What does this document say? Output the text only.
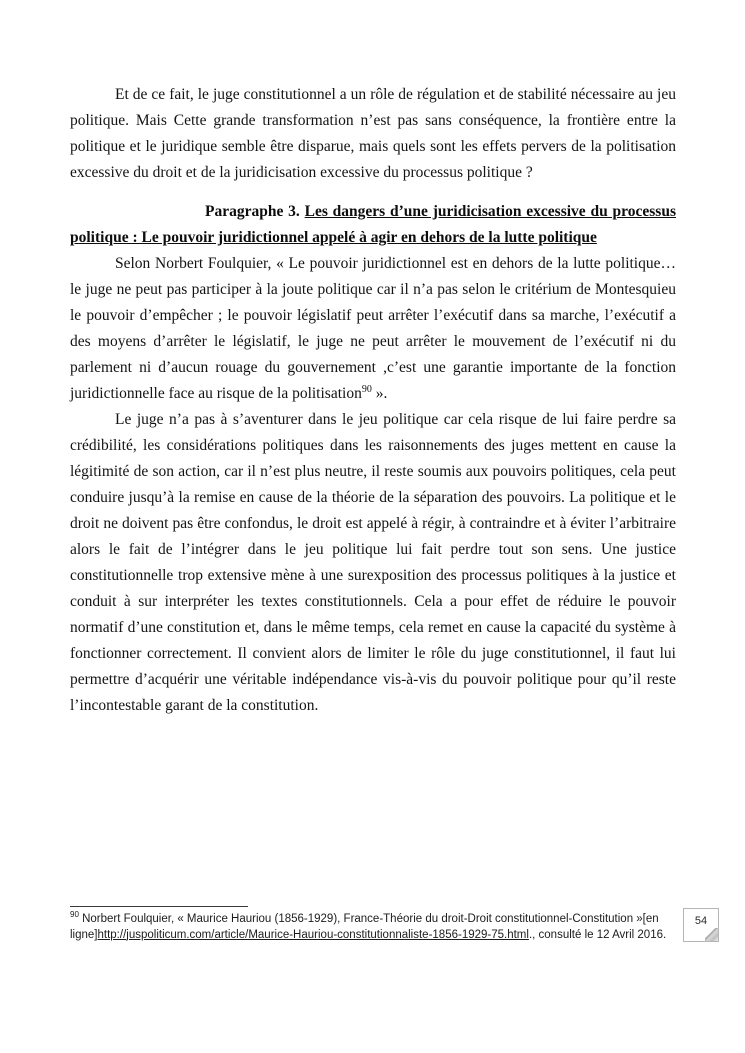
Et de ce fait, le juge constitutionnel a un rôle de régulation et de stabilité nécessaire au jeu politique. Mais Cette grande transformation n’est pas sans conséquence, la frontière entre la politique et le juridique semble être disparue, mais quels sont les effets pervers de la politisation excessive du droit et de la juridicisation excessive du processus politique ?

Paragraphe 3. Les dangers d’une juridicisation excessive du processus politique : Le pouvoir juridictionnel appelé à agir en dehors de la lutte politique

Selon Norbert Foulquier, « Le pouvoir juridictionnel est en dehors de la lutte politique…le juge ne peut pas participer à la joute politique car il n’a pas selon le critérium de Montesquieu le pouvoir d’empêcher ; le pouvoir législatif peut arrêter l’exécutif dans sa marche, l’exécutif a des moyens d’arrêter le législatif, le juge ne peut arrêter le mouvement de l’exécutif ni du parlement ni d’aucun rouage du gouvernement ,c’est une garantie importante de la fonction juridictionnelle face au risque de la politisation$^{90}$ ».

Le juge n’a pas à s’aventurer dans le jeu politique car cela risque de lui faire perdre sa crédibilité, les considérations politiques dans les raisonnements des juges mettent en cause la légitimité de son action, car il n’est plus neutre, il reste soumis aux pouvoirs politiques, cela peut conduire jusqu’à la remise en cause de la théorie de la séparation des pouvoirs. La politique et le droit ne doivent pas être confondus, le droit est appelé à régir, à contraindre et à éviter l’arbitraire alors le fait de l’intégrer dans le jeu politique lui fait perdre tout son sens. Une justice constitutionnelle trop extensive mène à une surexposition des processus politiques à la justice et conduit à sur interpréter les textes constitutionnels. Cela a pour effet de réduire le pouvoir normatif d’une constitution et, dans le même temps, cela remet en cause la capacité du système à fonctionner correctement. Il convient alors de limiter le rôle du juge constitutionnel, il faut lui permettre d’acquérir une véritable indépendance vis-à-vis du pouvoir politique pour qu’il reste l’incontestable garant de la constitution.

$^{90}$ Norbert Foulquier, « Maurice Hauriou (1856-1929), France-Théorie du droit-Droit constitutionnel-Constitution »[en ligne]http://juspoliticum.com/article/Maurice-Hauriou-constitutionnaliste-1856-1929-75.html., consulté le 12 Avril 2016.
54
